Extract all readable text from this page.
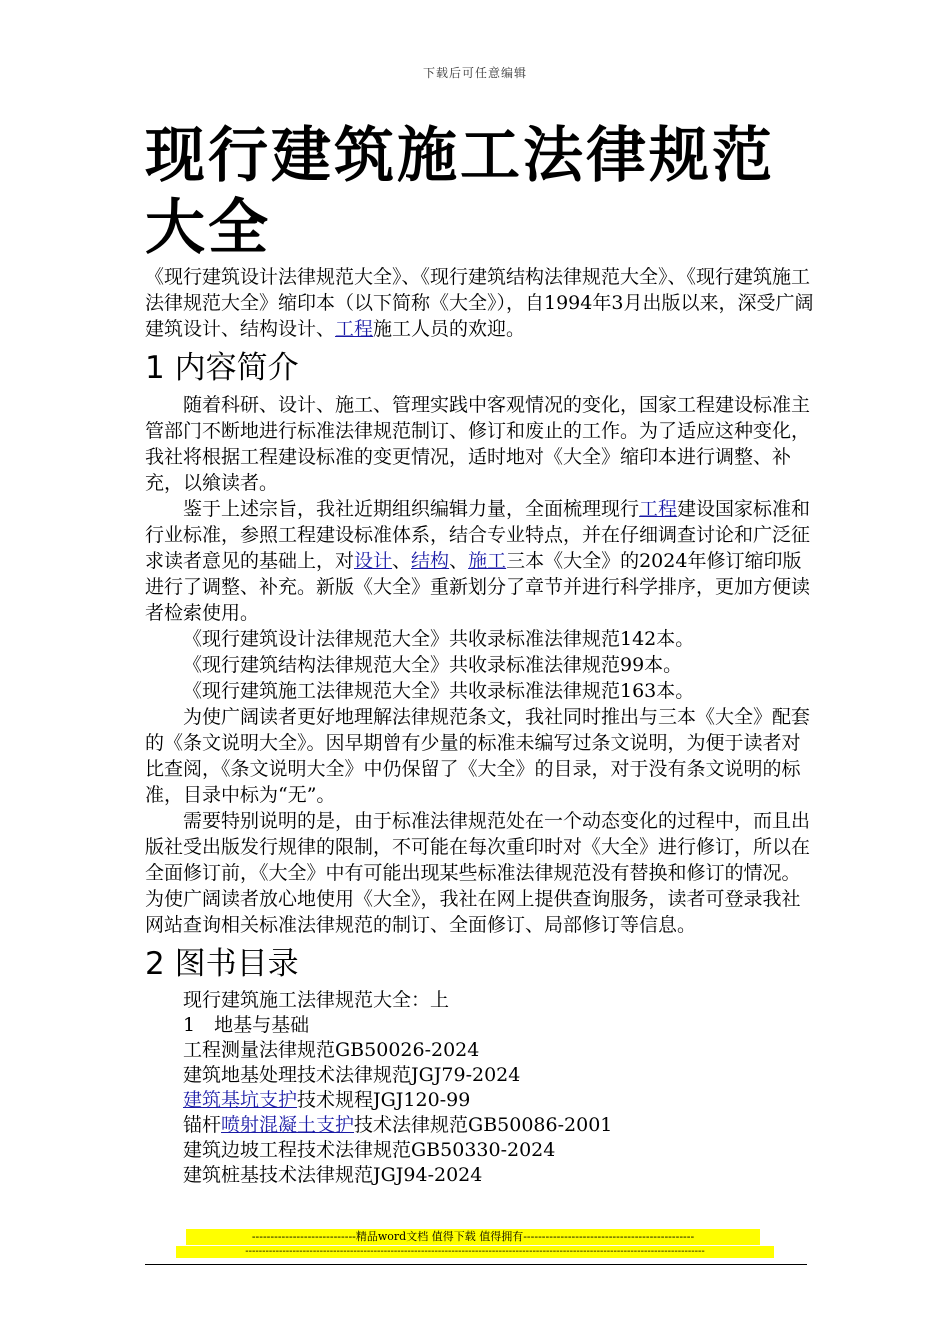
下载后可任意编辑
现行建筑施工法律规范大全

《现行建筑设计法律规范大全》、《现行建筑结构法律规范大全》、《现行建筑施工法律规范大全》缩印本（以下简称《大全》），自1994年3月出版以来，深受广阔建筑设计、结构设计、工程施工人员的欢迎。

1 内容简介

随着科研、设计、施工、管理实践中客观情况的变化，国家工程建设标准主管部门不断地进行标准法律规范制订、修订和废止的工作。为了适应这种变化，我社将根据工程建设标准的变更情况，适时地对《大全》缩印本进行调整、补充，以飨读者。

鉴于上述宗旨，我社近期组织编辑力量，全面梳理现行工程建设国家标准和行业标准，参照工程建设标准体系，结合专业特点，并在仔细调查讨论和广泛征求读者意见的基础上，对设计、结构、施工三本《大全》的2024年修订缩印版进行了调整、补充。新版《大全》重新划分了章节并进行科学排序，更加方便读者检索使用。

《现行建筑设计法律规范大全》共收录标准法律规范142本。

《现行建筑结构法律规范大全》共收录标准法律规范99本。

《现行建筑施工法律规范大全》共收录标准法律规范163本。

为使广阔读者更好地理解法律规范条文，我社同时推出与三本《大全》配套的《条文说明大全》。因早期曾有少量的标准未编写过条文说明，为便于读者对比查阅，《条文说明大全》中仍保留了《大全》的目录，对于没有条文说明的标准，目录中标为“无”。

需要特别说明的是，由于标准法律规范处在一个动态变化的过程中，而且出版社受出版发行规律的限制，不可能在每次重印时对《大全》进行修订，所以在全面修订前，《大全》中有可能出现某些标准法律规范没有替换和修订的情况。为使广阔读者放心地使用《大全》，我社在网上提供查询服务，读者可登录我社网站查询相关标准法律规范的制订、全面修订、局部修订等信息。

2 图书目录
现行建筑施工法律规范大全：上
1　地基与基础
工程测量法律规范GB50026-2024
建筑地基处理技术法律规范JGJ79-2024
建筑基坑支护技术规程JGJ120-99
锚杆喷射混凝土支护技术法律规范GB50086-2001
建筑边坡工程技术法律规范GB50330-2024
建筑桩基技术法律规范JGJ94-2024
----------------------------精品word文档 值得下载 值得拥有----------------------------------------------
----------------------------------------------------------------------------------------------------------------------------------------
